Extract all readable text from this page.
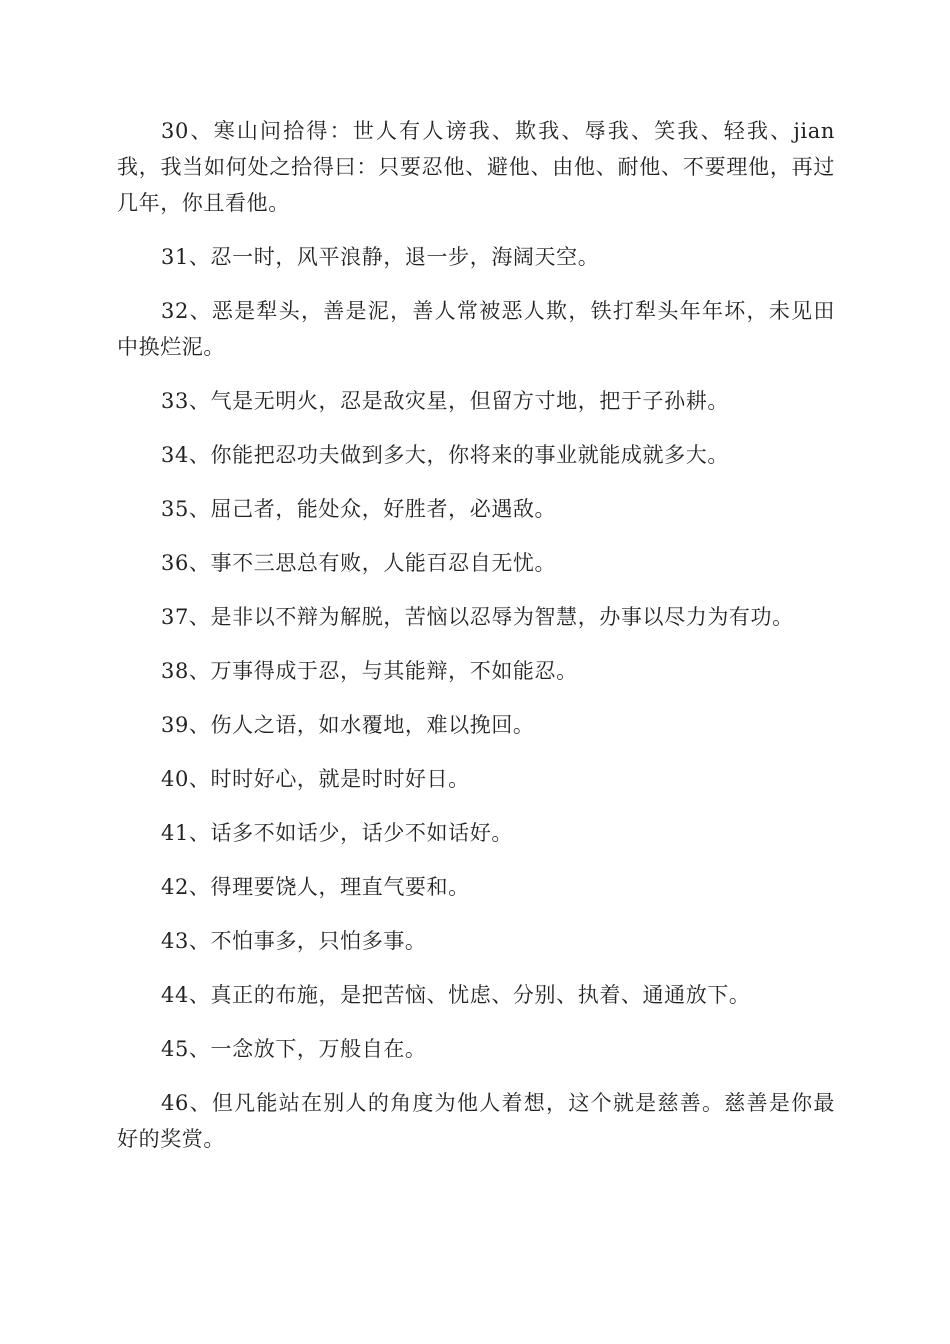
30、寒山问拾得：世人有人谤我、欺我、辱我、笑我、轻我、jian我，我当如何处之拾得曰：只要忍他、避他、由他、耐他、不要理他，再过几年，你且看他。

31、忍一时，风平浪静，退一步，海阔天空。

32、恶是犁头，善是泥，善人常被恶人欺，铁打犁头年年坏，未见田中换烂泥。

33、气是无明火，忍是敌灾星，但留方寸地，把于子孙耕。

34、你能把忍功夫做到多大，你将来的事业就能成就多大。

35、屈己者，能处众，好胜者，必遇敌。

36、事不三思总有败，人能百忍自无忧。

37、是非以不辩为解脱，苦恼以忍辱为智慧，办事以尽力为有功。

38、万事得成于忍，与其能辩，不如能忍。

39、伤人之语，如水覆地，难以挽回。

40、时时好心，就是时时好日。

41、话多不如话少，话少不如话好。

42、得理要饶人，理直气要和。

43、不怕事多，只怕多事。

44、真正的布施，是把苦恼、忧虑、分别、执着、通通放下。

45、一念放下，万般自在。

46、但凡能站在别人的角度为他人着想，这个就是慈善。慈善是你最好的奖赏。
